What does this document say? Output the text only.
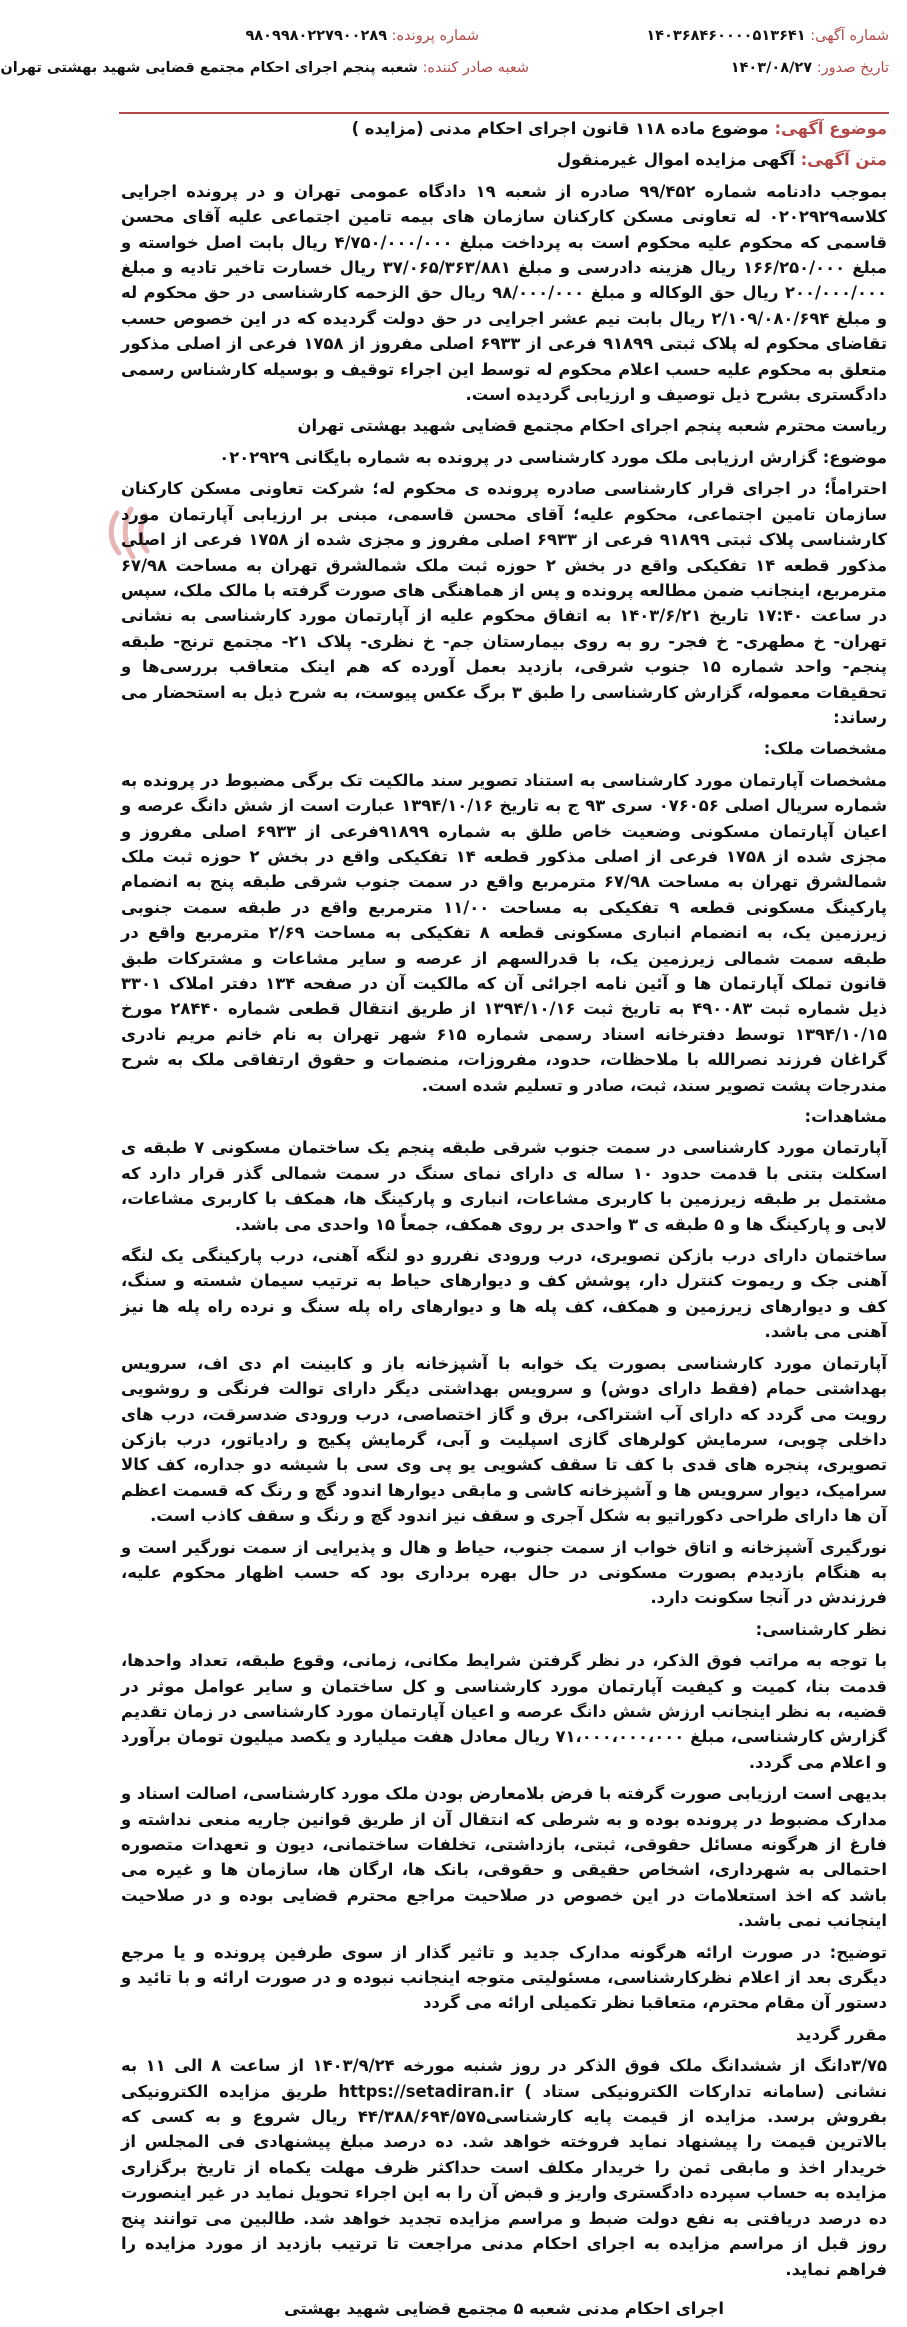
شماره آگهی: ۱۴۰۳۶۸۴۶۰۰۰۰۵۱۳۶۴۱
شماره پرونده: ۹۸۰۹۹۸۰۲۲۷۹۰۰۲۸۹
تاریخ صدور: ۱۴۰۳/۰۸/۲۷
شعبه صادر کننده: شعبه پنجم اجرای احکام مجتمع قضایی شهید بهشتی تهران

موضوع آگهی: موضوع ماده ۱۱۸ قانون اجرای احکام مدنی (مزایده )

متن آگهی: آگهی مزایده اموال غیرمنقول

بموجب دادنامه شماره ۹۹/۴۵۲ صادره از شعبه ۱۹ دادگاه عمومی تهران و در پرونده اجرایی کلاسه۰۲۰۲۹۲۹ له تعاونی مسکن کارکنان سازمان های بیمه تامین اجتماعی علیه آقای محسن قاسمی که محکوم علیه محکوم است به پرداخت مبلغ ۴/۷۵۰/۰۰۰/۰۰۰ ریال بابت اصل خواسته و مبلغ ۱۶۶/۲۵۰/۰۰۰ ریال هزینه دادرسی و مبلغ ۳۷/۰۶۵/۳۶۳/۸۸۱ ریال خسارت تاخیر تادیه و مبلغ ۲۰۰/۰۰۰/۰۰۰ ریال حق الوکاله و مبلغ ۹۸/۰۰۰/۰۰۰ ریال حق الزحمه کارشناسی در حق محکوم له و مبلغ ۲/۱۰۹/۰۸۰/۶۹۴ ریال بابت نیم عشر اجرایی در حق دولت گردیده که در این خصوص حسب تقاضای محکوم له پلاک ثبتی ۹۱۸۹۹ فرعی از ۶۹۳۳ اصلی مفروز از ۱۷۵۸ فرعی از اصلی مذکور متعلق به محکوم علیه حسب اعلام محکوم له توسط این اجراء توقیف و بوسیله کارشناس رسمی دادگستری بشرح ذیل توصیف و ارزیابی گردیده است.

ریاست محترم شعبه پنجم اجرای احکام مجتمع قضایی شهید بهشتی تهران

موضوع: گزارش ارزیابی ملک مورد کارشناسی در پرونده به شماره بایگانی ۰۲۰۲۹۲۹

احتراماً؛ در اجرای قرار کارشناسی صادره پرونده ی محکوم له؛ شرکت تعاونی مسکن کارکنان سازمان تامین اجتماعی، محکوم علیه؛ آقای محسن قاسمی، مبنی بر ارزیابی آپارتمان مورد کارشناسی پلاک ثبتی ۹۱۸۹۹ فرعی از ۶۹۳۳ اصلی مفروز و مجزی شده از ۱۷۵۸ فرعی از اصلی مذکور قطعه ۱۴ تفکیکی واقع در بخش ۲ حوزه ثبت ملک شمالشرق تهران به مساحت ۶۷/۹۸ مترمربع، اینجانب ضمن مطالعه پرونده و پس از هماهنگی های صورت گرفته با مالک ملک، سپس در ساعت ۱۷:۴۰ تاریخ ۱۴۰۳/۶/۲۱ به اتفاق محکوم علیه از آپارتمان مورد کارشناسی به نشانی تهران- خ مطهری- خ فجر- رو به روی بیمارستان جم- خ نظری- پلاک ۲۱- مجتمع ترنج- طبقه پنجم- واحد شماره ۱۵ جنوب شرقی، بازدید بعمل آورده که هم اینک متعاقب بررسی‌ها و تحقیقات معموله، گزارش کارشناسی را طبق ۳ برگ عکس پیوست، به شرح ذیل به استحضار می رساند:

مشخصات ملک:

مشخصات آپارتمان مورد کارشناسی به استناد تصویر سند مالکیت تک برگی مضبوط در پرونده به شماره سریال اصلی ۰۷۶۰۵۶ سری ۹۳ ج به تاریخ ۱۳۹۴/۱۰/۱۶ عبارت است از شش دانگ عرصه و اعیان آپارتمان مسکونی وضعیت خاص طلق به شماره ۹۱۸۹۹فرعی از ۶۹۳۳ اصلی مفروز و مجزی شده از ۱۷۵۸ فرعی از اصلی مذکور قطعه ۱۴ تفکیکی واقع در بخش ۲ حوزه ثبت ملک شمالشرق تهران به مساحت ۶۷/۹۸ مترمربع واقع در سمت جنوب شرقی طبقه پنج به انضمام پارکینگ مسکونی قطعه ۹ تفکیکی به مساحت ۱۱/۰۰ مترمربع واقع در طبقه سمت جنوبی زیرزمین یک، به انضمام انباری مسکونی قطعه ۸ تفکیکی به مساحت ۲/۶۹ مترمربع واقع در طبقه سمت شمالی زیرزمین یک، با قدرالسهم از عرصه و سایر مشاعات و مشترکات طبق قانون تملک آپارتمان ها و آئین نامه اجرائی آن که مالکیت آن در صفحه ۱۳۴ دفتر املاک ۳۳۰۱ ذیل شماره ثبت ۴۹۰۰۸۳ به تاریخ ثبت ۱۳۹۴/۱۰/۱۶ از طریق انتقال قطعی شماره ۲۸۴۴۰ مورخ ۱۳۹۴/۱۰/۱۵ توسط دفترخانه اسناد رسمی شماره ۶۱۵ شهر تهران به نام خانم مریم نادری گراغان فرزند نصرالله با ملاحظات، حدود، مفروزات، منضمات و حقوق ارتفاقی ملک به شرح مندرجات پشت تصویر سند، ثبت، صادر و تسلیم شده است.

مشاهدات:

آپارتمان مورد کارشناسی در سمت جنوب شرقی طبقه پنجم یک ساختمان مسکونی ۷ طبقه ی اسکلت بتنی با قدمت حدود ۱۰ ساله ی دارای نمای سنگ در سمت شمالی گذر قرار دارد که مشتمل بر طبقه زیرزمین با کاربری مشاعات، انباری و پارکینگ ها، همکف با کاربری مشاعات، لابی و پارکینگ ها و ۵ طبقه ی ۳ واحدی بر روی همکف، جمعاً ۱۵ واحدی می باشد.

ساختمان دارای درب بازکن تصویری، درب ورودی نفررو دو لنگه آهنی، درب پارکینگی یک لنگه آهنی جک و ریموت کنترل دار، پوشش کف و دیوارهای حیاط به ترتیب سیمان شسته و سنگ، کف و دیوارهای زیرزمین و همکف، کف پله ها و دیوارهای راه پله سنگ و نرده راه پله ها نیز آهنی می باشد.

آپارتمان مورد کارشناسی بصورت یک خوابه با آشپزخانه باز و کابینت ام دی اف، سرویس بهداشتی حمام (فقط دارای دوش) و سرویس بهداشتی دیگر دارای توالت فرنگی و روشویی رویت می گردد که دارای آب اشتراکی، برق و گاز اختصاصی، درب ورودی ضدسرقت، درب های داخلی چوبی، سرمایش کولرهای گازی اسپلیت و آبی، گرمایش پکیج و رادیاتور، درب بازکن تصویری، پنجره های قدی با کف تا سقف کشویی یو پی وی سی با شیشه دو جداره، کف کالا سرامیک، دیوار سرویس ها و آشپزخانه کاشی و مابقی دیوارها اندود گچ و رنگ که قسمت اعظم آن ها دارای طراحی دکوراتیو به شکل آجری و سقف نیز اندود گچ و رنگ و سقف کاذب است.

نورگیری آشپزخانه و اتاق خواب از سمت جنوب، حیاط و هال و پذیرایی از سمت نورگیر است و به هنگام بازدیدم بصورت مسکونی در حال بهره برداری بود که حسب اظهار محکوم علیه، فرزندش در آنجا سکونت دارد.

نظر کارشناسی:

با توجه به مراتب فوق الذکر، در نظر گرفتن شرایط مکانی، زمانی، وقوع طبقه، تعداد واحدها، قدمت بنا، کمیت و کیفیت آپارتمان مورد کارشناسی و کل ساختمان و سایر عوامل موثر در قضیه، به نظر اینجانب ارزش شش دانگ عرصه و اعیان آپارتمان مورد کارشناسی در زمان تقدیم گزارش کارشناسی، مبلغ ۷۱،۰۰۰،۰۰۰،۰۰۰ ریال معادل هفت میلیارد و یکصد میلیون تومان برآورد و اعلام می گردد.

بدیهی است ارزیابی صورت گرفته با فرض بلامعارض بودن ملک مورد کارشناسی، اصالت اسناد و مدارک مضبوط در پرونده بوده و به شرطی که انتقال آن از طریق قوانین جاریه منعی نداشته و فارغ از هرگونه مسائل حقوقی، ثبتی، بازداشتی، تخلفات ساختمانی، دیون و تعهدات متصوره احتمالی به شهرداری، اشخاص حقیقی و حقوقی، بانک ها، ارگان ها، سازمان ها و غیره می باشد که اخذ استعلامات در این خصوص در صلاحیت مراجع محترم قضایی بوده و در صلاحیت اینجانب نمی باشد.

توضیح: در صورت ارائه هرگونه مدارک جدید و تاثیر گذار از سوی طرفین پرونده و یا مرجع دیگری بعد از اعلام نظرکارشناسی، مسئولیتی متوجه اینجانب نبوده و در صورت ارائه و با تائید و دستور آن مقام محترم، متعاقبا نظر تکمیلی ارائه می گردد

مقرر گردید

۳/۷۵دانگ از ششدانگ ملک فوق الذکر در روز شنبه مورخه ۱۴۰۳/۹/۲۴ از ساعت ۸ الی ۱۱ به نشانی (سامانه تدارکات الکترونیکی ستاد ) https://setadiran.ir طریق مزایده الکترونیکی بفروش برسد. مزایده از قیمت پایه کارشناسی۴۴/۳۸۸/۶۹۴/۵۷۵ ریال شروع و به کسی که بالاترین قیمت را پیشنهاد نماید فروخته خواهد شد. ده درصد مبلغ پیشنهادی فی المجلس از خریدار اخذ و مابقی ثمن را خریدار مکلف است حداکثر ظرف مهلت یکماه از تاریخ برگزاری مزایده به حساب سپرده دادگستری واریز و قبض آن را به این اجراء تحویل نماید در غیر اینصورت ده درصد دریافتی به نفع دولت ضبط و مراسم مزایده تجدید خواهد شد. طالبین می توانند پنج روز قبل از مراسم مزایده به اجرای احکام مدنی مراجعت تا ترتیب بازدید از مورد مزایده را فراهم نماید.

اجرای احکام مدنی شعبه ۵ مجتمع قضایی شهید بهشتی
